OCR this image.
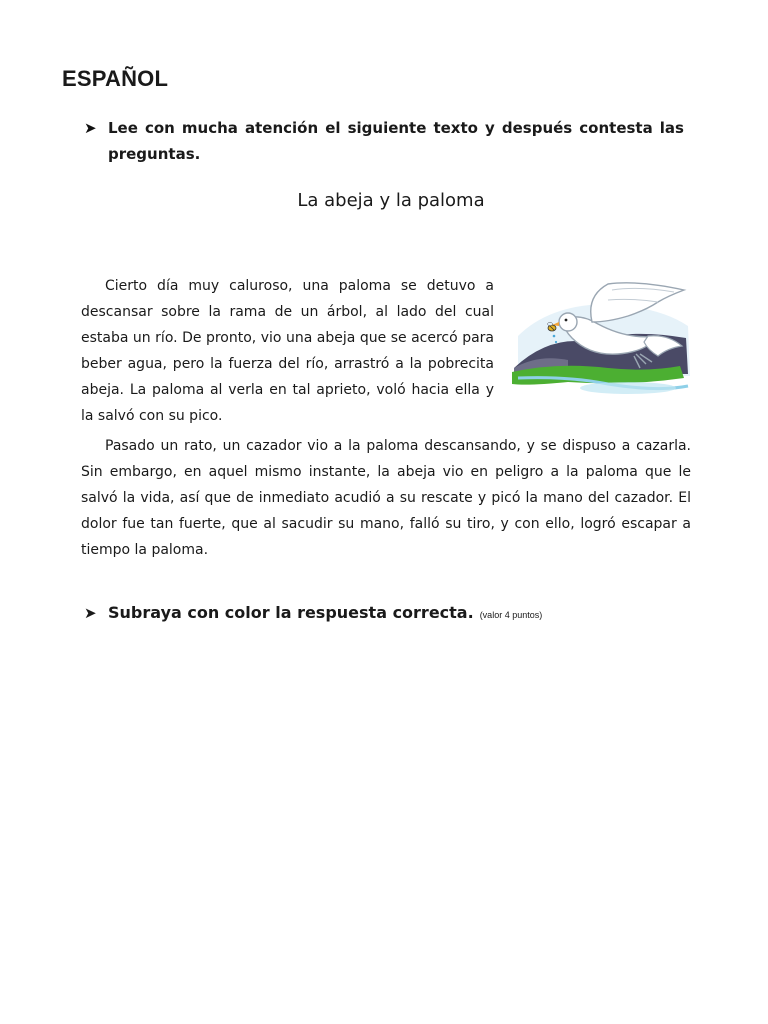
ESPAÑOL
➤ Lee con mucha atención el siguiente texto y después contesta las preguntas.
La abeja y la paloma

Cierto día muy caluroso, una paloma se detuvo a descansar sobre la rama de un árbol, al lado del cual estaba un río. De pronto, vio una abeja que se acercó para beber agua, pero la fuerza del río, arrastró a la pobrecita abeja. La paloma al verla en tal aprieto, voló hacia ella y la salvó con su pico.

Pasado un rato, un cazador vio a la paloma descansando, y se dispuso a cazarla. Sin embargo, en aquel mismo instante, la abeja vio en peligro a la paloma que le salvó la vida, así que de inmediato acudió a su rescate y picó la mano del cazador. El dolor fue tan fuerte, que al sacudir su mano, falló su tiro, y con ello, logró escapar a tiempo la paloma.

➤ Subraya con color la respuesta correcta. (valor 4 puntos)
